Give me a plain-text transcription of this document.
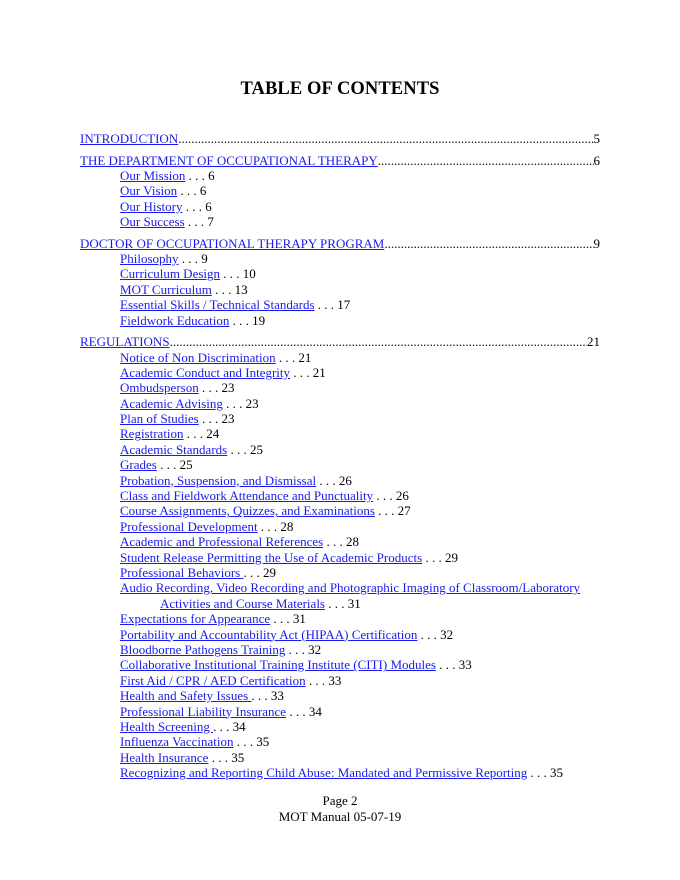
TABLE OF CONTENTS
INTRODUCTION .....	5
THE DEPARTMENT OF OCCUPATIONAL THERAPY .....	6
Our Mission . . . 6
Our Vision . . . 6
Our History . . . 6
Our Success . . . 7
DOCTOR OF OCCUPATIONAL THERAPY PROGRAM .....	9
Philosophy . . . 9
Curriculum Design . . . 10
MOT Curriculum . . . 13
Essential Skills / Technical Standards . . . 17
Fieldwork Education . . . 19
REGULATIONS .....	21
Notice of Non Discrimination . . . 21
Academic Conduct and Integrity . . . 21
Ombudsperson . . . 23
Academic Advising . . . 23
Plan of Studies . . . 23
Registration . . . 24
Academic Standards . . . 25
Grades . . . 25
Probation, Suspension, and Dismissal . . . 26
Class and Fieldwork Attendance and Punctuality . . . 26
Course Assignments, Quizzes, and Examinations . . . 27
Professional Development . . . 28
Academic and Professional References . . . 28
Student Release Permitting the Use of Academic Products . . . 29
Professional Behaviors . . . 29
Audio Recording, Video Recording and Photographic Imaging of Classroom/Laboratory
Activities and Course Materials . . . 31
Expectations for Appearance . . . 31
Portability and Accountability Act (HIPAA) Certification . . . 32
Bloodborne Pathogens Training . . . 32
Collaborative Institutional Training Institute (CITI) Modules . . . 33
First Aid / CPR / AED Certification . . . 33
Health and Safety Issues . . . 33
Professional Liability Insurance . . . 34
Health Screening . . . 34
Influenza Vaccination . . . 35
Health Insurance . . . 35
Recognizing and Reporting Child Abuse: Mandated and Permissive Reporting . . . 35
Page 2
MOT Manual 05-07-19
